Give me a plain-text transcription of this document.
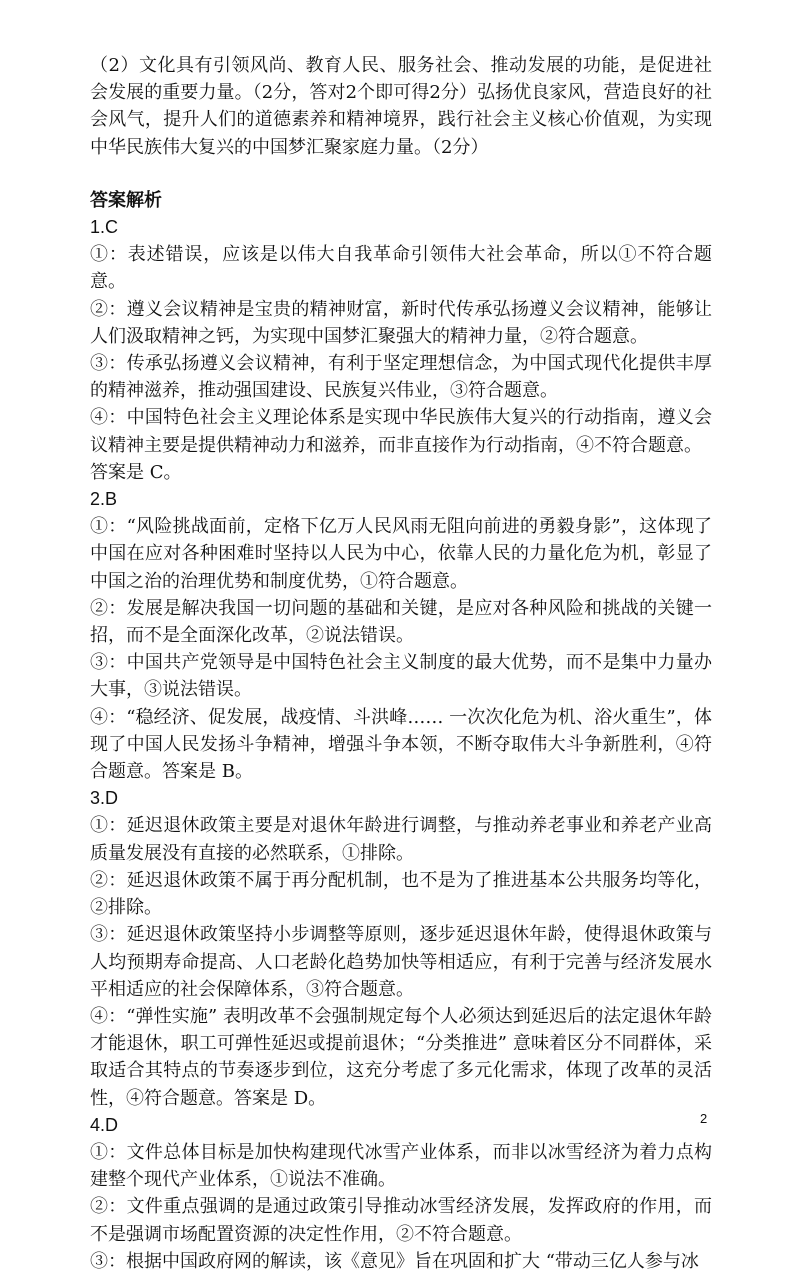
（2）文化具有引领风尚、教育人民、服务社会、推动发展的功能，是促进社会发展的重要力量。（2分，答对2个即可得2分）弘扬优良家风，营造良好的社会风气，提升人们的道德素养和精神境界，践行社会主义核心价值观，为实现中华民族伟大复兴的中国梦汇聚家庭力量。（2分）

答案解析

1.C

①：表述错误，应该是以伟大自我革命引领伟大社会革命，所以①不符合题意。

②：遵义会议精神是宝贵的精神财富，新时代传承弘扬遵义会议精神，能够让人们汲取精神之钙，为实现中国梦汇聚强大的精神力量，②符合题意。

③：传承弘扬遵义会议精神，有利于坚定理想信念，为中国式现代化提供丰厚的精神滋养，推动强国建设、民族复兴伟业，③符合题意。

④：中国特色社会主义理论体系是实现中华民族伟大复兴的行动指南，遵义会议精神主要是提供精神动力和滋养，而非直接作为行动指南，④不符合题意。

答案是 C。

2.B

①：“风险挑战面前，定格下亿万人民风雨无阻向前进的勇毅身影”，这体现了中国在应对各种困难时坚持以人民为中心，依靠人民的力量化危为机，彰显了中国之治的治理优势和制度优势，①符合题意。

②：发展是解决我国一切问题的基础和关键，是应对各种风险和挑战的关键一招，而不是全面深化改革，②说法错误。

③：中国共产党领导是中国特色社会主义制度的最大优势，而不是集中力量办大事，③说法错误。

④：“稳经济、促发展，战疫情、斗洪峰…… 一次次化危为机、浴火重生”，体现了中国人民发扬斗争精神，增强斗争本领，不断夺取伟大斗争新胜利，④符合题意。答案是 B。

3.D

①：延迟退休政策主要是对退休年龄进行调整，与推动养老事业和养老产业高质量发展没有直接的必然联系，①排除。

②：延迟退休政策不属于再分配机制，也不是为了推进基本公共服务均等化，②排除。

③：延迟退休政策坚持小步调整等原则，逐步延迟退休年龄，使得退休政策与人均预期寿命提高、人口老龄化趋势加快等相适应，有利于完善与经济发展水平相适应的社会保障体系，③符合题意。

④：“弹性实施” 表明改革不会强制规定每个人必须达到延迟后的法定退休年龄才能退休，职工可弹性延迟或提前退休；“分类推进” 意味着区分不同群体，采取适合其特点的节奏逐步到位，这充分考虑了多元化需求，体现了改革的灵活性，④符合题意。答案是 D。

4.D

①：文件总体目标是加快构建现代冰雪产业体系，而非以冰雪经济为着力点构建整个现代产业体系，①说法不准确。

②：文件重点强调的是通过政策引导推动冰雪经济发展，发挥政府的作用，而不是强调市场配置资源的决定性作用，②不符合题意。

③：根据中国政府网的解读，该《意见》旨在巩固和扩大 “带动三亿人参与冰

2
